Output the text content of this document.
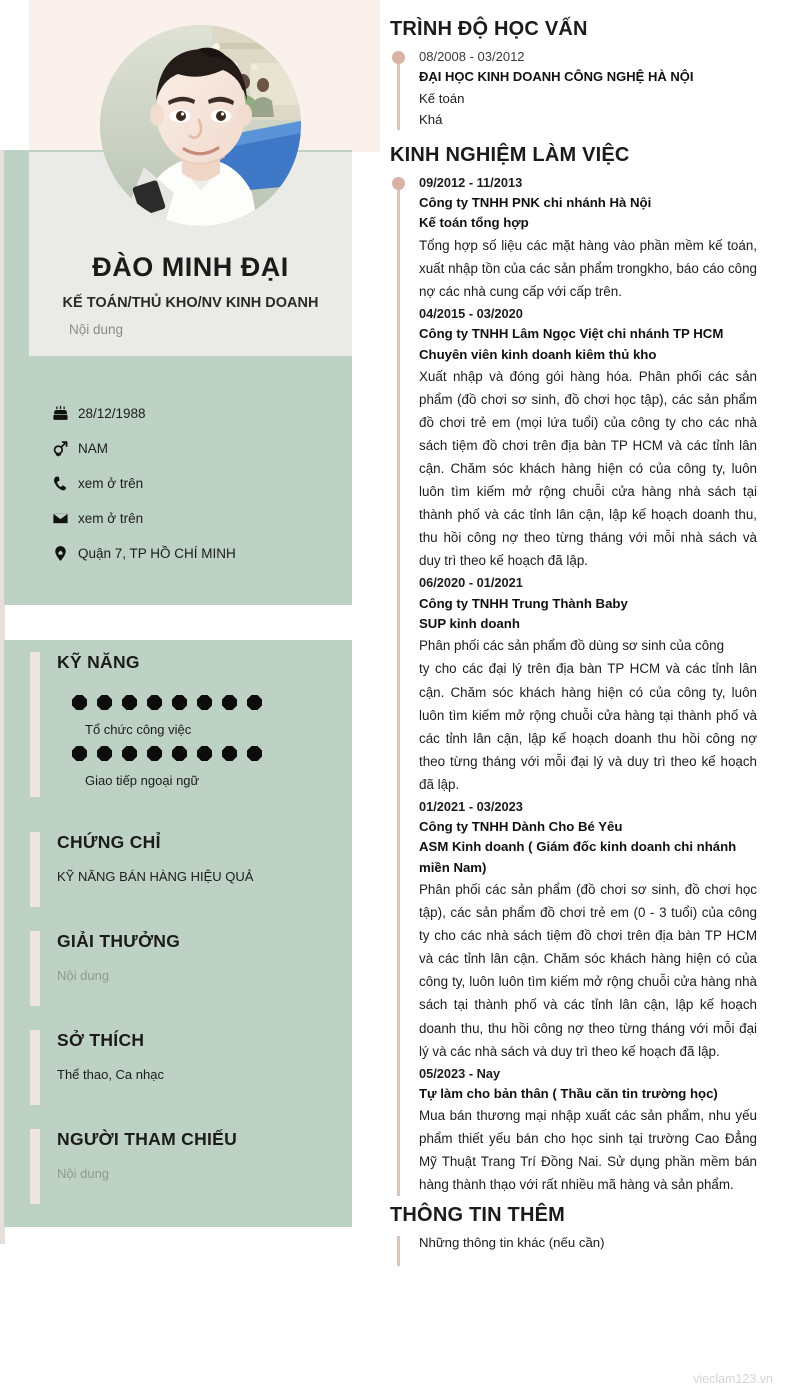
ĐÀO MINH ĐẠI
KẾ TOÁN/THỦ KHO/NV KINH DOANH
Nội dung
28/12/1988
NAM
xem ở trên
xem ở trên
Quận 7, TP HỒ CHÍ MINH
KỸ NĂNG
Tổ chức công việc
Giao tiếp ngoại ngữ
CHỨNG CHỈ
KỸ NĂNG BÁN HÀNG HIỆU QUẢ
GIẢI THƯỞNG
Nội dung
SỞ THÍCH
Thể thao, Ca nhạc
NGƯỜI THAM CHIẾU
Nội dung
TRÌNH ĐỘ HỌC VẤN
08/2008 - 03/2012
ĐẠI HỌC KINH DOANH CÔNG NGHỆ HÀ NỘI
Kế toán
Khá
KINH NGHIỆM LÀM VIỆC
09/2012 - 11/2013
Công ty TNHH PNK chi nhánh Hà Nội
Kế toán tổng hợp
Tổng hợp số liệu các mặt hàng vào phần mềm kế toán, xuất nhập tồn của các sản phẩm trongkho, báo cáo công nợ các nhà cung cấp với cấp trên.
04/2015 - 03/2020
Công ty TNHH Lâm Ngọc Việt chi nhánh TP HCM
Chuyên viên kinh doanh kiêm thủ kho
Xuất nhập và đóng gói hàng hóa. Phân phối các sản phẩm (đồ chơi sơ sinh, đồ chơi học tập), các sản phẩm đồ chơi trẻ em (mọi lứa tuổi) của công ty cho các nhà sách tiệm đồ chơi trên địa bàn TP HCM và các tỉnh lân cận. Chăm sóc khách hàng hiện có của công ty, luôn luôn tìm kiếm mở rộng chuỗi cửa hàng nhà sách tại thành phố và các tỉnh lân cận, lập kế hoạch doanh thu, thu hồi công nợ theo từng tháng với mỗi nhà sách và duy trì theo kế hoạch đã lập.
06/2020 - 01/2021
Công ty TNHH Trung Thành Baby
SUP kinh doanh
Phân phối các sản phẩm đồ dùng sơ sinh của công
ty cho các đại lý trên địa bàn TP HCM và các tỉnh lân cận. Chăm sóc khách hàng hiện có của công ty, luôn luôn tìm kiếm mở rộng chuỗi cửa hàng tại thành phố và các tỉnh lân cận, lập kế hoạch doanh thu hồi công nợ theo từng tháng với mỗi đại lý và duy trì theo kế hoạch đã lập.
01/2021 - 03/2023
Công ty TNHH Dành Cho Bé Yêu
ASM Kinh doanh ( Giám đốc kinh doanh chi nhánh miền Nam)
Phân phối các sản phẩm (đồ chơi sơ sinh, đồ chơi học tập), các sản phẩm đồ chơi trẻ em (0 - 3 tuổi) của công ty cho các nhà sách tiệm đồ chơi trên địa bàn TP HCM và các tỉnh lân cận. Chăm sóc khách hàng hiện có của công ty, luôn luôn tìm kiếm mở rộng chuỗi cửa hàng nhà sách tại thành phố và các tỉnh lân cận, lập kế hoạch doanh thu, thu hồi công nợ theo từng tháng với mỗi đại lý và các nhà sách và duy trì theo kế hoạch đã lập.
05/2023 - Nay
Tự làm cho bản thân ( Thầu căn tin trường học)
Mua bán thương mại nhập xuất các sản phẩm, nhu yếu phẩm thiết yếu bán cho học sinh tại trường Cao Đẳng Mỹ Thuật Trang Trí Đồng Nai. Sử dụng phần mềm bán hàng thành thạo với rất nhiều mã hàng và sản phẩm.
THÔNG TIN THÊM
Những thông tin khác (nếu cần)
vieclam123.vn
